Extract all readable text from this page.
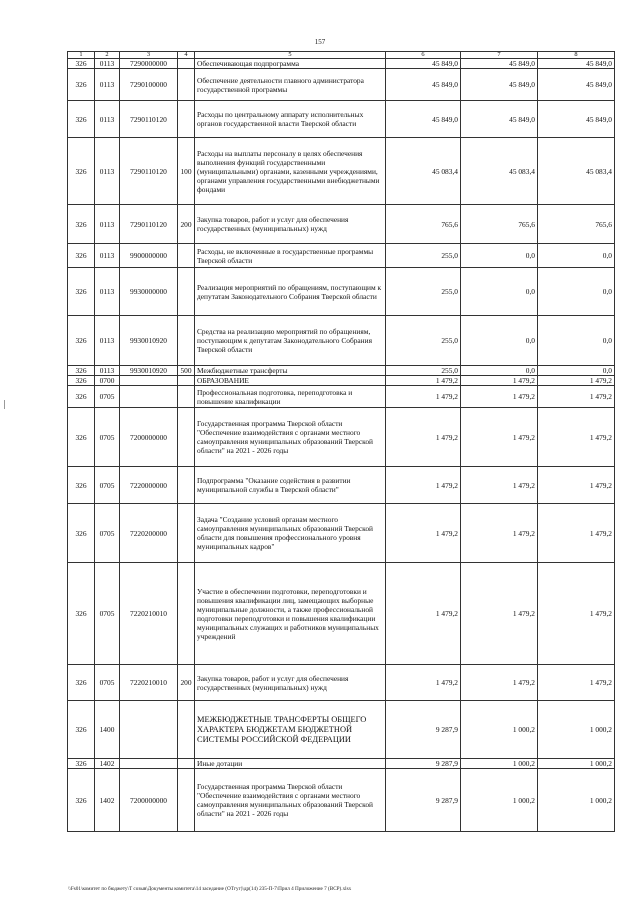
157
1	2	3	4	5	6	7	8
326	0113	7290000000		Обеспечивающая подпрограмма	45 849,0	45 849,0	45 849,0
326	0113	7290100000		Обеспечение деятельности главного администратора государственной программы	45 849,0	45 849,0	45 849,0
326	0113	7290110120		Расходы по центральному аппарату исполнительных органов государственной власти Тверской области	45 849,0	45 849,0	45 849,0
326	0113	7290110120	100	Расходы на выплаты персоналу в целях обеспечения выполнения функций государственными (муниципальными) органами, казенными учреждениями, органами управления государственными внебюджетными фондами	45 083,4	45 083,4	45 083,4
326	0113	7290110120	200	Закупка товаров, работ и услуг для обеспечения государственных (муниципальных) нужд	765,6	765,6	765,6
326	0113	9900000000		Расходы, не включенные в государственные программы Тверской области	255,0	0,0	0,0
326	0113	9930000000		Реализация мероприятий по обращениям, поступающим к депутатам Законодательного Собрания Тверской области	255,0	0,0	0,0
326	0113	9930010920		Средства на реализацию мероприятий по обращениям, поступающим к депутатам Законодательного Собрания Тверской области	255,0	0,0	0,0
326	0113	9930010920	500	Межбюджетные трансферты	255,0	0,0	0,0
326	0700			ОБРАЗОВАНИЕ	1 479,2	1 479,2	1 479,2
326	0705			Профессиональная подготовка, переподготовка и повышение квалификации	1 479,2	1 479,2	1 479,2
326	0705	7200000000		Государственная программа Тверской области "Обеспечение взаимодействия с органами местного самоуправления муниципальных образований Тверской области" на 2021 - 2026 годы	1 479,2	1 479,2	1 479,2
326	0705	7220000000		Подпрограмма "Оказание содействия в развитии муниципальной службы в Тверской области"	1 479,2	1 479,2	1 479,2
326	0705	7220200000		Задача "Создание условий органам местного самоуправления муниципальных образований Тверской области для повышения профессионального уровня муниципальных кадров"	1 479,2	1 479,2	1 479,2
326	0705	7220210010		Участие в обеспечении подготовки, переподготовки и повышения квалификации лиц, замещающих выборные муниципальные должности, а также профессиональной подготовки переподготовки и повышения квалификации муниципальных служащих и работников муниципальных учреждений	1 479,2	1 479,2	1 479,2
326	0705	7220210010	200	Закупка товаров, работ и услуг для обеспечения государственных (муниципальных) нужд	1 479,2	1 479,2	1 479,2
326	1400			МЕЖБЮДЖЕТНЫЕ ТРАНСФЕРТЫ ОБЩЕГО ХАРАКТЕРА БЮДЖЕТАМ БЮДЖЕТНОЙ СИСТЕМЫ РОССИЙСКОЙ ФЕДЕРАЦИИ	9 287,9	1 000,2	1 000,2
326	1402			Иные дотации	9 287,9	1 000,2	1 000,2
326	1402	7200000000		Государственная программа Тверской области "Обеспечение взаимодействия с органами местного самоуправления муниципальных образований Тверской области" на 2021 - 2026 годы	9 287,9	1 000,2	1 000,2
\\Fs01\комитет по бюджету\Т созыв\Документы комитета\14 заседание (ОТгуг)\др(14) 235-П-7\Прил 4 Приложение 7 (ВСР).xlsx
